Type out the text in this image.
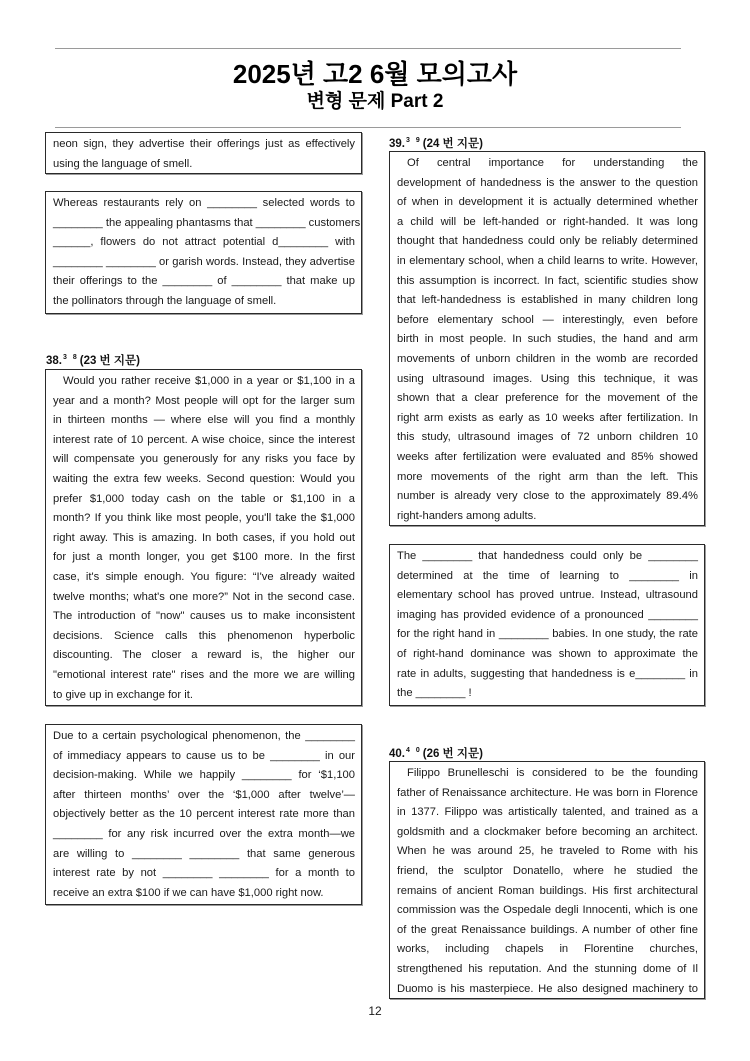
2025년 고2 6월 모의고사
변형 문제 Part 2
neon sign, they advertise their offerings just as effectively
using the language of smell.
Whereas restaurants rely on ________ selected words to
________ the appealing phantasms that ________ customers
______, flowers do not attract potential d________ with
________ ________ or garish words. Instead, they advertise
their offerings to the ________ of ________ that make up
the pollinators through the language of smell.
38.$^{3 8}$(23 번 지문)
Would you rather receive $1,000 in a year or $1,100 in a
year and a month? Most people will opt for the larger sum
in thirteen months — where else will you find a monthly
interest rate of 10 percent. A wise choice, since the interest
will compensate you generously for any risks you face by
waiting the extra few weeks. Second question: Would you
prefer $1,000 today cash on the table or $1,100 in a
month? If you think like most people, you'll take the $1,000
right away. This is amazing. In both cases, if you hold out
for just a month longer, you get $100 more. In the first
case, it's simple enough. You figure: “I've already waited
twelve months; what's one more?” Not in the second case.
The introduction of "now" causes us to make inconsistent
decisions. Science calls this phenomenon hyperbolic
discounting. The closer a reward is, the higher our
"emotional interest rate" rises and the more we are willing
to give up in exchange for it.
Due to a certain psychological phenomenon, the ________
of immediacy appears to cause us to be ________ in our
decision-making. While we happily ________ for ‘$1,100
after thirteen months’ over the ‘$1,000 after twelve’—
objectively better as the 10 percent interest rate more than
________ for any risk incurred over the extra month—we
are willing to ________ ________ that same generous
interest rate by not ________ ________ for a month to
receive an extra $100 if we can have $1,000 right now.
39.$^{3 9}$(24 번 지문)
Of central importance for understanding the
development of handedness is the answer to the question
of when in development it is actually determined whether
a child will be left-handed or right-handed. It was long
thought that handedness could only be reliably determined
in elementary school, when a child learns to write. However,
this assumption is incorrect. In fact, scientific studies show
that left-handedness is established in many children long
before elementary school — interestingly, even before
birth in most people. In such studies, the hand and arm
movements of unborn children in the womb are recorded
using ultrasound images. Using this technique, it was
shown that a clear preference for the movement of the
right arm exists as early as 10 weeks after fertilization. In
this study, ultrasound images of 72 unborn children 10
weeks after fertilization were evaluated and 85% showed
more movements of the right arm than the left. This
number is already very close to the approximately 89.4%
right-handers among adults.
The ________ that handedness could only be ________
determined at the time of learning to ________ in
elementary school has proved untrue. Instead, ultrasound
imaging has provided evidence of a pronounced ________
for the right hand in ________ babies. In one study, the rate
of right-hand dominance was shown to approximate the
rate in adults, suggesting that handedness is e________ in
the ________ !
40.$^{4 0}$(26 번 지문)
Filippo Brunelleschi is considered to be the founding
father of Renaissance architecture. He was born in Florence
in 1377. Filippo was artistically talented, and trained as a
goldsmith and a clockmaker before becoming an architect.
When he was around 25, he traveled to Rome with his
friend, the sculptor Donatello, where he studied the
remains of ancient Roman buildings. His first architectural
commission was the Ospedale degli Innocenti, which is one
of the great Renaissance buildings. A number of other fine
works, including chapels in Florentine churches,
strengthened his reputation. And the stunning dome of Il
Duomo is his masterpiece. He also designed machinery to
12
